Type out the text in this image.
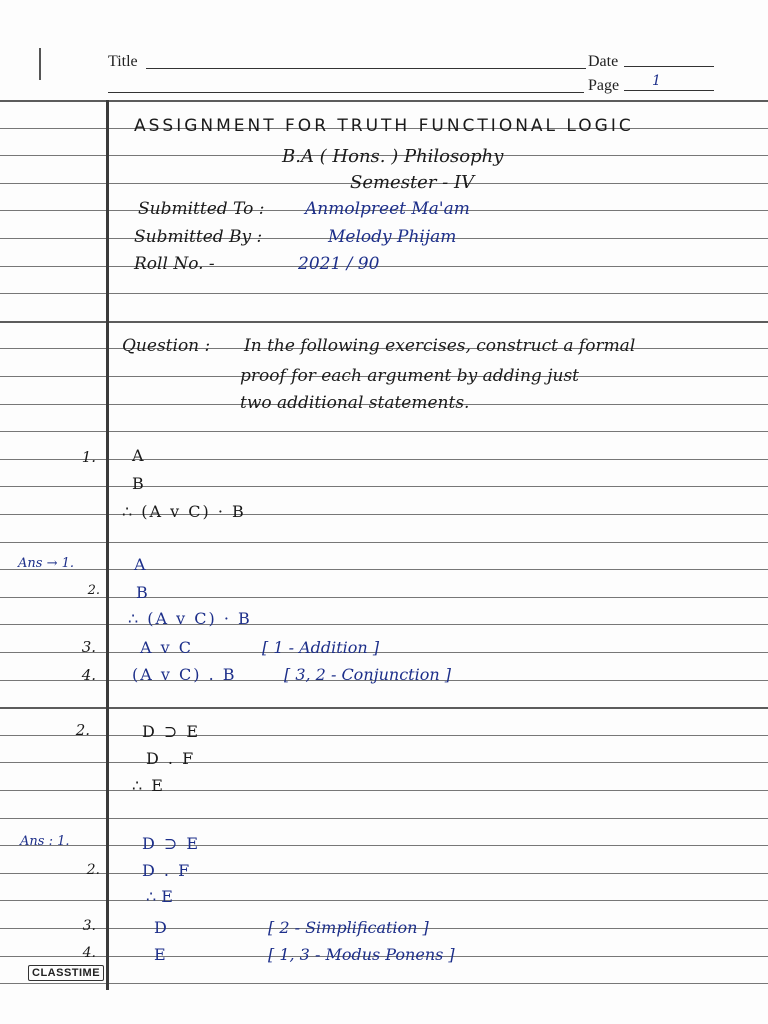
Title	Date
Page 1
ASSIGNMENT FOR TRUTH FUNCTIONAL LOGIC
B.A ( Hons. ) Philosophy
Semester - IV
Submitted To : Anmolpreet Ma'am
Submitted By :	Melody Phijam
Roll No. -	2021 / 90
Question : In the following exercises, construct a formal
proof for each argument by adding just
two additional statements.
1. A
B
∴ (A v C) · B
Ans → 1.	A
2. B
∴ (A v C) · B
3.	A v C	[ 1 - Addition ]
4. (A v C) . B	[ 3, 2 - Conjunction ]
2.	D ⊃ E
D . F
∴ E
Ans : 1.	D ⊃ E
2.	D . F
∴ E
3.	D	[ 2 - Simplification ]
4.	E	[ 1, 3 - Modus Ponens ]
CLASSTIME
